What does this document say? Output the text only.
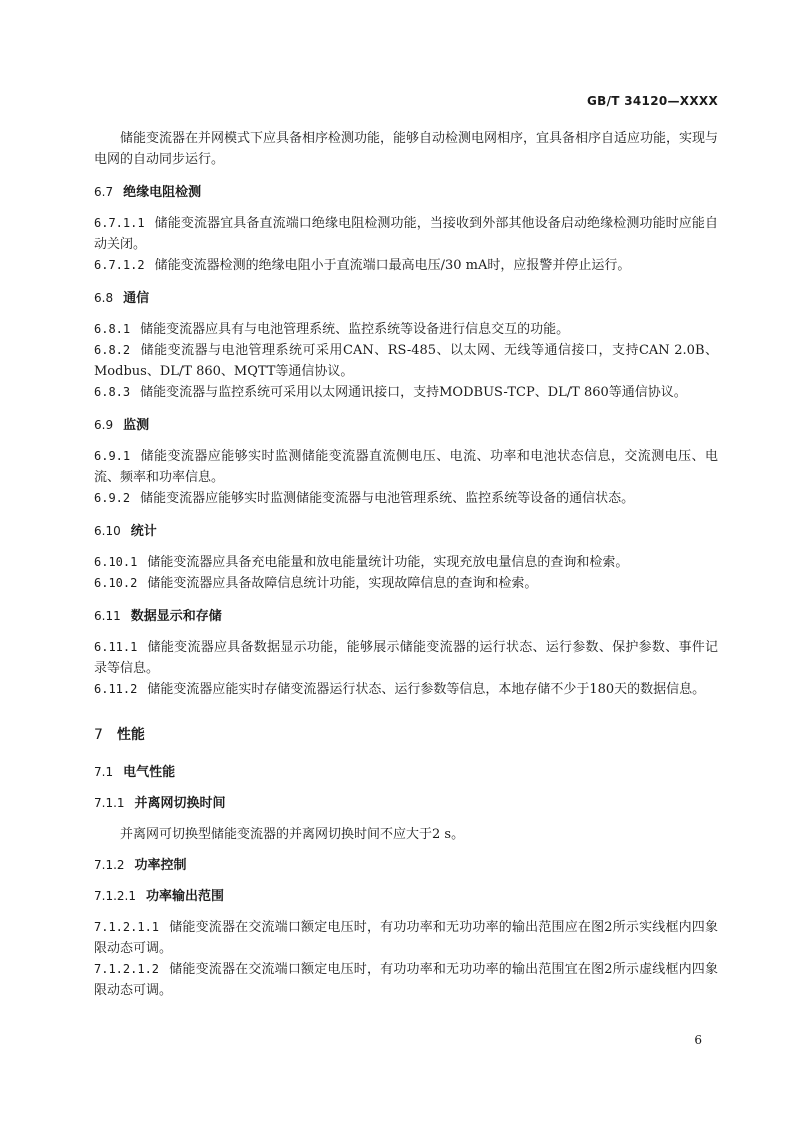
GB/T 34120—XXXX

储能变流器在并网模式下应具备相序检测功能，能够自动检测电网相序，宜具备相序自适应功能，实现与电网的自动同步运行。

6.7 绝缘电阻检测

6.7.1.1 储能变流器宜具备直流端口绝缘电阻检测功能，当接收到外部其他设备启动绝缘检测功能时应能自动关闭。

6.7.1.2 储能变流器检测的绝缘电阻小于直流端口最高电压/30 mA时，应报警并停止运行。

6.8 通信

6.8.1 储能变流器应具有与电池管理系统、监控系统等设备进行信息交互的功能。

6.8.2 储能变流器与电池管理系统可采用CAN、RS-485、以太网、无线等通信接口，支持CAN 2.0B、Modbus、DL/T 860、MQTT等通信协议。

6.8.3 储能变流器与监控系统可采用以太网通讯接口，支持MODBUS-TCP、DL/T 860等通信协议。

6.9 监测

6.9.1 储能变流器应能够实时监测储能变流器直流侧电压、电流、功率和电池状态信息，交流测电压、电流、频率和功率信息。

6.9.2 储能变流器应能够实时监测储能变流器与电池管理系统、监控系统等设备的通信状态。

6.10 统计

6.10.1 储能变流器应具备充电能量和放电能量统计功能，实现充放电量信息的查询和检索。

6.10.2 储能变流器应具备故障信息统计功能，实现故障信息的查询和检索。

6.11 数据显示和存储

6.11.1 储能变流器应具备数据显示功能，能够展示储能变流器的运行状态、运行参数、保护参数、事件记录等信息。

6.11.2 储能变流器应能实时存储变流器运行状态、运行参数等信息，本地存储不少于180天的数据信息。

7 性能

7.1 电气性能

7.1.1 并离网切换时间

并离网可切换型储能变流器的并离网切换时间不应大于2 s。

7.1.2 功率控制

7.1.2.1 功率输出范围

7.1.2.1.1 储能变流器在交流端口额定电压时，有功功率和无功功率的输出范围应在图2所示实线框内四象限动态可调。

7.1.2.1.2 储能变流器在交流端口额定电压时，有功功率和无功功率的输出范围宜在图2所示虚线框内四象限动态可调。

6
